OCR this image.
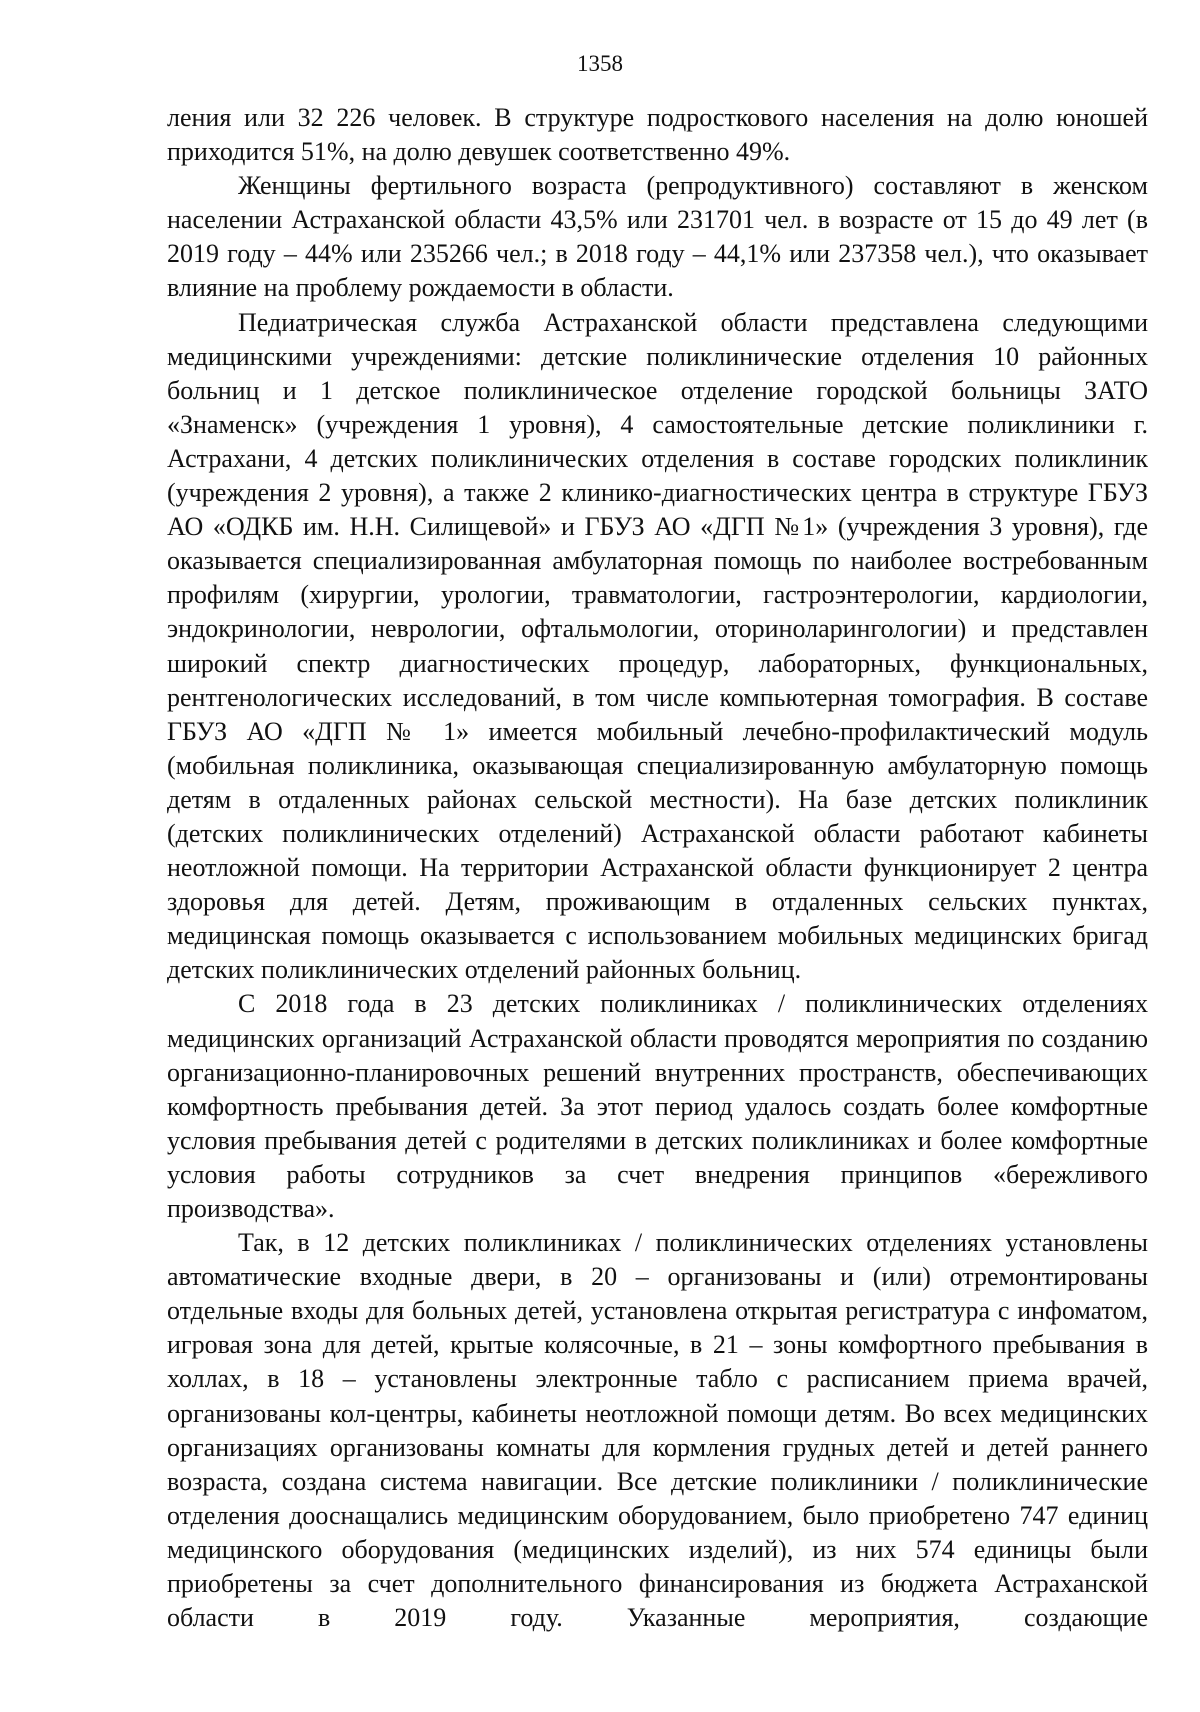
1358

ления или 32 226 человек. В структуре подросткового населения на долю юношей приходится 51%, на долю девушек соответственно 49%.

Женщины фертильного возраста (репродуктивного) составляют в женском населении Астраханской области 43,5% или 231701 чел. в возрасте от 15 до 49 лет (в 2019 году – 44% или 235266 чел.; в 2018 году – 44,1% или 237358 чел.), что оказывает влияние на проблему рождаемости в области.

Педиатрическая служба Астраханской области представлена следующими медицинскими учреждениями: детские поликлинические отделения 10 районных больниц и 1 детское поликлиническое отделение городской больницы ЗАТО «Знаменск» (учреждения 1 уровня), 4 самостоятельные детские поликлиники г. Астрахани, 4 детских поликлинических отделения в составе городских поликлиник (учреждения 2 уровня), а также 2 клинико-диагностических центра в структуре ГБУЗ АО «ОДКБ им. Н.Н. Силищевой» и ГБУЗ АО «ДГП №1» (учреждения 3 уровня), где оказывается специализированная амбулаторная помощь по наиболее востребованным профилям (хирургии, урологии, травматологии, гастроэнтерологии, кардиологии, эндокринологии, неврологии, офтальмологии, оториноларингологии) и представлен широкий спектр диагностических процедур, лабораторных, функциональных, рентгенологических исследований, в том числе компьютерная томография. В составе ГБУЗ АО «ДГП № 1» имеется мобильный лечебно-профилактический модуль (мобильная поликлиника, оказывающая специализированную амбулаторную помощь детям в отдаленных районах сельской местности). На базе детских поликлиник (детских поликлинических отделений) Астраханской области работают кабинеты неотложной помощи. На территории Астраханской области функционирует 2 центра здоровья для детей. Детям, проживающим в отдаленных сельских пунктах, медицинская помощь оказывается с использованием мобильных медицинских бригад детских поликлинических отделений районных больниц.

С 2018 года в 23 детских поликлиниках / поликлинических отделениях медицинских организаций Астраханской области проводятся мероприятия по созданию организационно-планировочных решений внутренних пространств, обеспечивающих комфортность пребывания детей. За этот период удалось создать более комфортные условия пребывания детей с родителями в детских поликлиниках и более комфортные условия работы сотрудников за счет внедрения принципов «бережливого производства».

Так, в 12 детских поликлиниках / поликлинических отделениях установлены автоматические входные двери, в 20 – организованы и (или) отремонтированы отдельные входы для больных детей, установлена открытая регистратура с инфоматом, игровая зона для детей, крытые колясочные, в 21 – зоны комфортного пребывания в холлах, в 18 – установлены электронные табло с расписанием приема врачей, организованы кол-центры, кабинеты неотложной помощи детям. Во всех медицинских организациях организованы комнаты для кормления грудных детей и детей раннего возраста, создана система навигации. Все детские поликлиники / поликлинические отделения дооснащались медицинским оборудованием, было приобретено 747 единиц медицинского оборудования (медицинских изделий), из них 574 единицы были приобретены за счет дополнительного финансирования из бюджета Астраханской области в 2019 году. Указанные мероприятия, создающие
